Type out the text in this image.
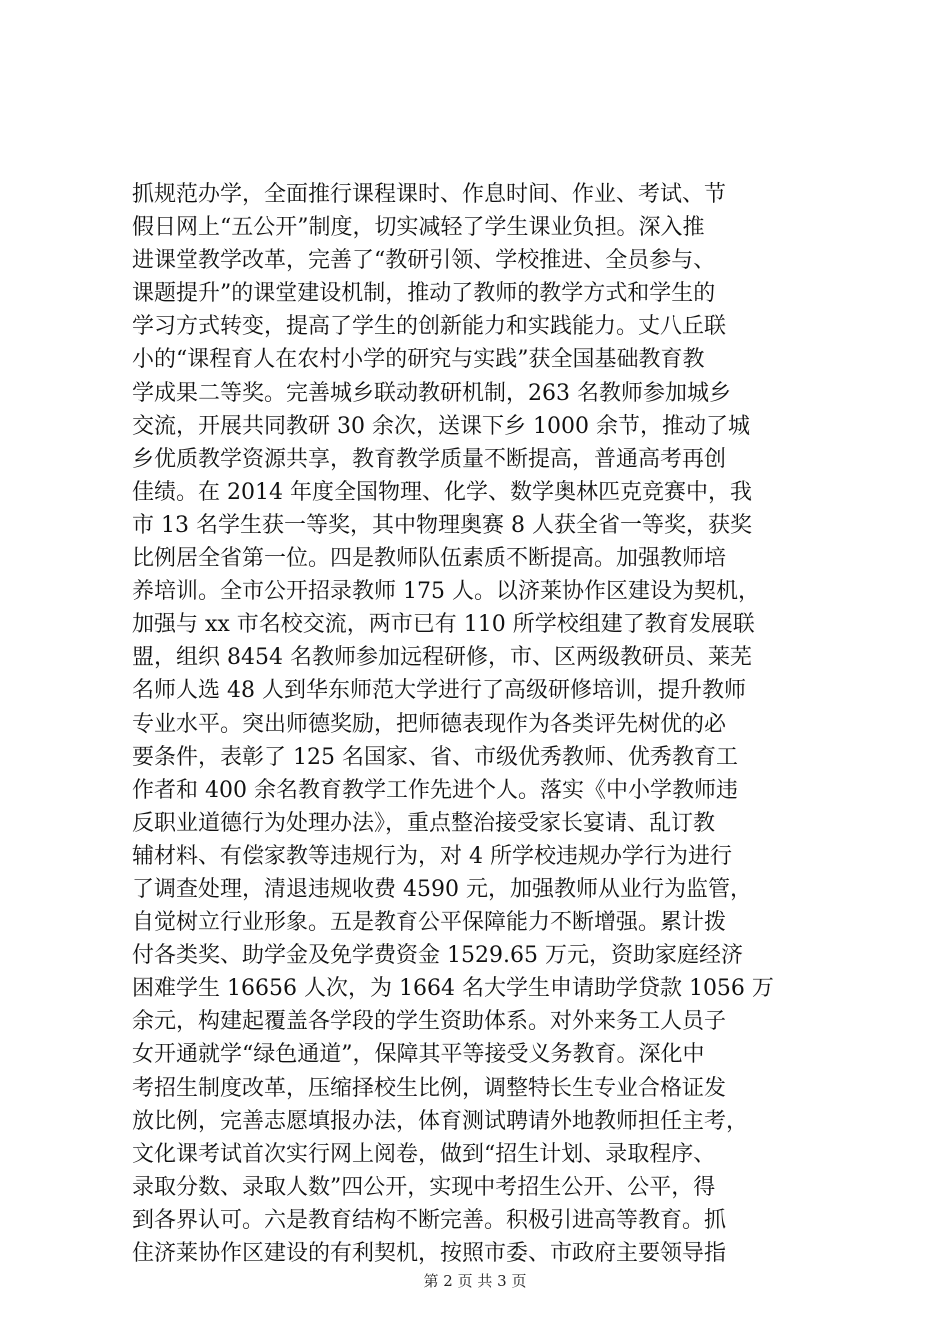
抓规范办学，全面推行课程课时、作息时间、作业、考试、节
假日网上“五公开”制度，切实减轻了学生课业负担。深入推
进课堂教学改革，完善了“教研引领、学校推进、全员参与、
课题提升”的课堂建设机制，推动了教师的教学方式和学生的
学习方式转变，提高了学生的创新能力和实践能力。丈八丘联
小的“课程育人在农村小学的研究与实践”获全国基础教育教
学成果二等奖。完善城乡联动教研机制，263 名教师参加城乡
交流，开展共同教研 30 余次，送课下乡 1000 余节，推动了城
乡优质教学资源共享，教育教学质量不断提高，普通高考再创
佳绩。在 2014 年度全国物理、化学、数学奥林匹克竞赛中，我
市 13 名学生获一等奖，其中物理奥赛 8 人获全省一等奖，获奖
比例居全省第一位。四是教师队伍素质不断提高。加强教师培
养培训。全市公开招录教师 175 人。以济莱协作区建设为契机，
加强与 xx 市名校交流，两市已有 110 所学校组建了教育发展联
盟，组织 8454 名教师参加远程研修，市、区两级教研员、莱芜
名师人选 48 人到华东师范大学进行了高级研修培训，提升教师
专业水平。突出师德奖励，把师德表现作为各类评先树优的必
要条件，表彰了 125 名国家、省、市级优秀教师、优秀教育工
作者和 400 余名教育教学工作先进个人。落实《中小学教师违
反职业道德行为处理办法》，重点整治接受家长宴请、乱订教
辅材料、有偿家教等违规行为，对 4 所学校违规办学行为进行
了调查处理，清退违规收费 4590 元，加强教师从业行为监管，
自觉树立行业形象。五是教育公平保障能力不断增强。累计拨
付各类奖、助学金及免学费资金 1529.65 万元，资助家庭经济
困难学生 16656 人次，为 1664 名大学生申请助学贷款 1056 万
余元，构建起覆盖各学段的学生资助体系。对外来务工人员子
女开通就学“绿色通道”，保障其平等接受义务教育。深化中
考招生制度改革，压缩择校生比例，调整特长生专业合格证发
放比例，完善志愿填报办法，体育测试聘请外地教师担任主考，
文化课考试首次实行网上阅卷，做到“招生计划、录取程序、
录取分数、录取人数”四公开，实现中考招生公开、公平，得
到各界认可。六是教育结构不断完善。积极引进高等教育。抓
住济莱协作区建设的有利契机，按照市委、市政府主要领导指
第 2 页 共 3 页
